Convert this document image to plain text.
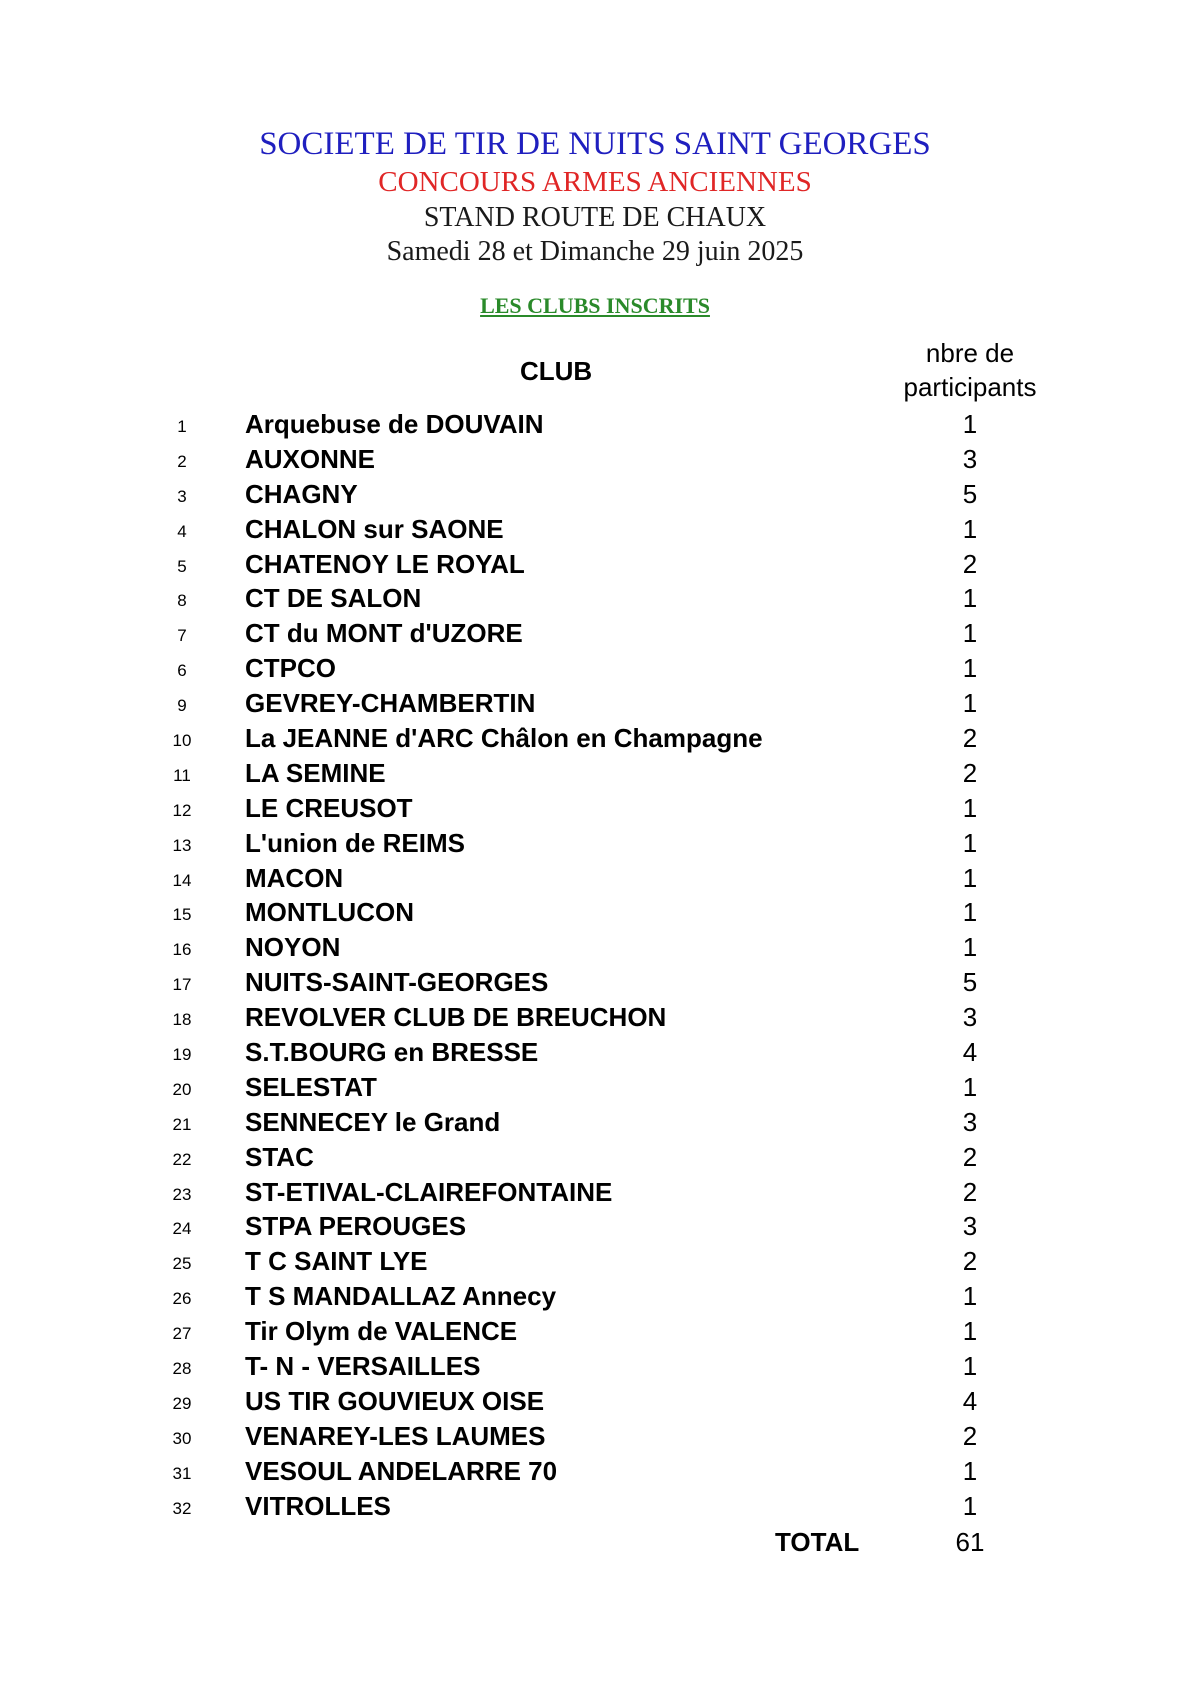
SOCIETE DE TIR DE NUITS SAINT GEORGES
CONCOURS ARMES ANCIENNES
STAND ROUTE DE CHAUX
Samedi 28 et Dimanche 29 juin 2025
LES CLUBS INSCRITS
CLUB
nbre de
participants
1	Arquebuse de DOUVAIN	1
2	AUXONNE	3
3	CHAGNY	5
4	CHALON sur SAONE	1
5	CHATENOY LE ROYAL	2
8	CT DE SALON	1
7	CT du MONT d'UZORE	1
6	CTPCO	1
9	GEVREY-CHAMBERTIN	1
10	La JEANNE d'ARC Châlon en Champagne	2
11	LA SEMINE	2
12	LE CREUSOT	1
13	L'union de REIMS	1
14	MACON	1
15	MONTLUCON	1
16	NOYON	1
17	NUITS-SAINT-GEORGES	5
18	REVOLVER CLUB DE BREUCHON	3
19	S.T.BOURG en BRESSE	4
20	SELESTAT	1
21	SENNECEY le Grand	3
22	STAC	2
23	ST-ETIVAL-CLAIREFONTAINE	2
24	STPA PEROUGES	3
25	T C SAINT LYE	2
26	T S MANDALLAZ Annecy	1
27	Tir Olym de VALENCE	1
28	T- N - VERSAILLES	1
29	US TIR GOUVIEUX OISE	4
30	VENAREY-LES LAUMES	2
31	VESOUL ANDELARRE 70	1
32	VITROLLES	1
TOTAL	61
